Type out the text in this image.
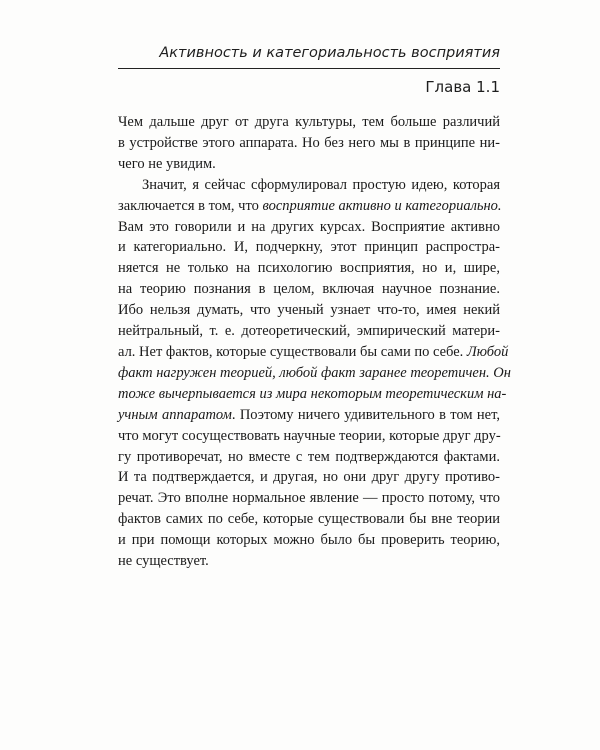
Активность и категориальность восприятия
Глава 1.1
Чем дальше друг от друга культуры, тем больше различий
в устройстве этого аппарата. Но без него мы в принципе ни-
чего не увидим.
Значит, я сейчас сформулировал простую идею, которая
заключается в том, что восприятие активно и категориально.
Вам это говорили и на других курсах. Восприятие активно
и категориально. И, подчеркну, этот принцип распростра-
няется не только на психологию восприятия, но и, шире,
на теорию познания в целом, включая научное познание.
Ибо нельзя думать, что ученый узнает что-то, имея некий
нейтральный, т. е. дотеоретический, эмпирический матери-
ал. Нет фактов, которые существовали бы сами по себе. Любой
факт нагружен теорией, любой факт заранее теоретичен. Он
тоже вычерпывается из мира некоторым теоретическим на-
учным аппаратом. Поэтому ничего удивительного в том нет,
что могут сосуществовать научные теории, которые друг дру-
гу противоречат, но вместе с тем подтверждаются фактами.
И та подтверждается, и другая, но они друг другу противо-
речат. Это вполне нормальное явление — просто потому, что
фактов самих по себе, которые существовали бы вне теории
и при помощи которых можно было бы проверить теорию,
не существует.
